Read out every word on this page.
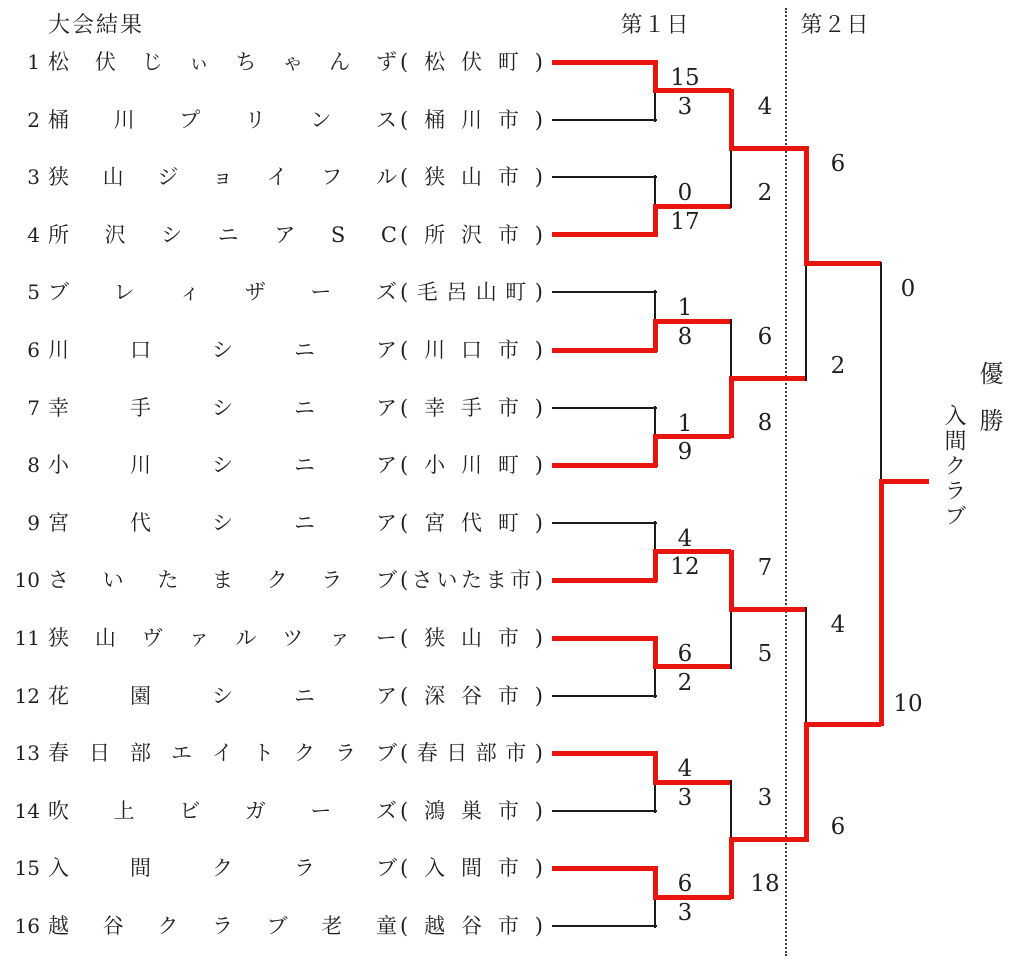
大会結果	第１日	第２日
優勝
入間クラブ
1 松 伏 じ ぃ ち ゃ ん ず ( 松 伏 町 )
2 桶 川 プ リ ン ス ( 桶 川 市 )
3 狭 山 ジ ョ イ フ ル ( 狭 山 市 )
4 所 沢 シ ニ ア S C ( 所 沢 市 )
5 ブ レ ィ ザ ー ズ ( 毛 呂 山 町 )
6 川	口	シ	ニ	ア ( 川 口 市 )
7 幸	手	シ	ニ	ア ( 幸 手 市 )
8 小	川	シ	ニ	ア ( 小 川 町 )
9 宮	代	シ	ニ	ア ( 宮 代 町 )
10 さ い た ま ク ラ ブ ( さ い た ま 市 )
11 狭 山 ヴ ァ ル ツ ァ ー ( 狭 山 市 )
12 花	園	シ	ニ	ア ( 深 谷 市 )
13 春 日 部 エ イ ト ク ラ ブ ( 春 日 部 市 )
14 吹 上 ビ ガ ー ズ ( 鴻 巣 市 )
15 入	間	ク	ラ	ブ ( 入 間 市 )
16 越 谷 ク ラ ブ 老 童 ( 越 谷 市 )
15
3
0
17
1
8
1
9
4
12
6
2
4
3
6
3
4
2
6
8
7
5
3
18
6
2
4
6
0
10
